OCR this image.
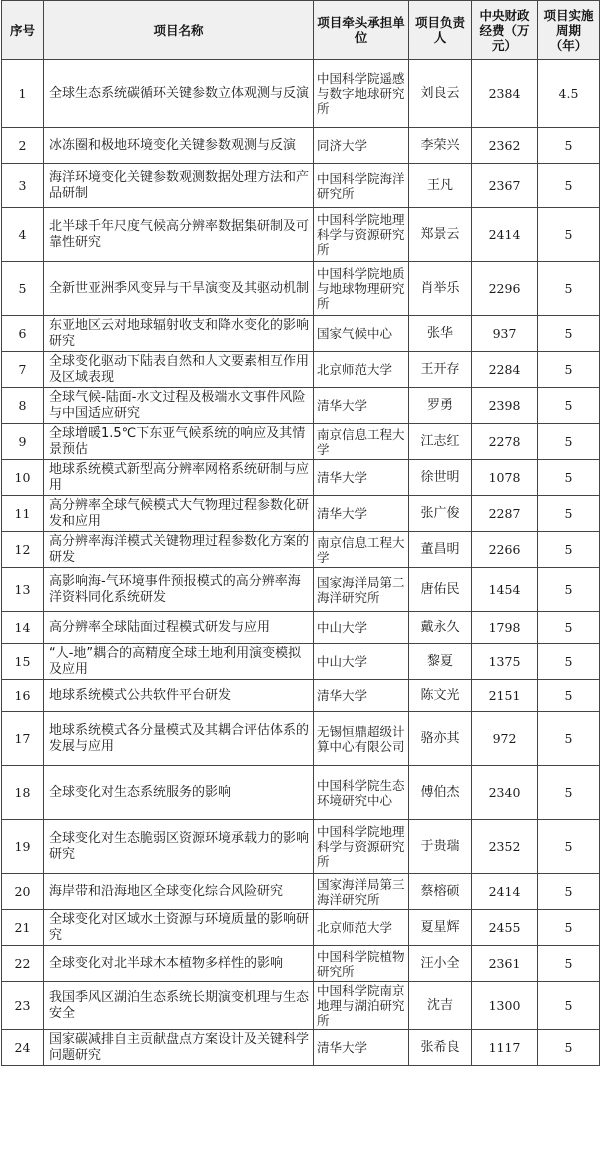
序号	项目名称	项目牵头承担单位	项目负责人	中央财政经费（万元）	项目实施周期（年）
1	全球生态系统碳循环关键参数立体观测与反演	中国科学院遥感与数字地球研究所	刘良云	2384	4.5
2	冰冻圈和极地环境变化关键参数观测与反演	同济大学	李荣兴	2362	5
3	海洋环境变化关键参数观测数据处理方法和产品研制	中国科学院海洋研究所	王凡	2367	5
4	北半球千年尺度气候高分辨率数据集研制及可靠性研究	中国科学院地理科学与资源研究所	郑景云	2414	5
5	全新世亚洲季风变异与干旱演变及其驱动机制	中国科学院地质与地球物理研究所	肖举乐	2296	5
6	东亚地区云对地球辐射收支和降水变化的影响研究	国家气候中心	张华	937	5
7	全球变化驱动下陆表自然和人文要素相互作用及区域表现	北京师范大学	王开存	2284	5
8	全球气候-陆面-水文过程及极端水文事件风险与中国适应研究	清华大学	罗勇	2398	5
9	全球增暖1.5℃下东亚气候系统的响应及其情景预估	南京信息工程大学	江志红	2278	5
10	地球系统模式新型高分辨率网格系统研制与应用	清华大学	徐世明	1078	5
11	高分辨率全球气候模式大气物理过程参数化研发和应用	清华大学	张广俊	2287	5
12	高分辨率海洋模式关键物理过程参数化方案的研发	南京信息工程大学	董昌明	2266	5
13	高影响海-气环境事件预报模式的高分辨率海洋资料同化系统研发	国家海洋局第二海洋研究所	唐佑民	1454	5
14	高分辨率全球陆面过程模式研发与应用	中山大学	戴永久	1798	5
15	“人-地”耦合的高精度全球土地利用演变模拟及应用	中山大学	黎夏	1375	5
16	地球系统模式公共软件平台研发	清华大学	陈文光	2151	5
17	地球系统模式各分量模式及其耦合评估体系的发展与应用	无锡恒鼎超级计算中心有限公司	骆亦其	972	5
18	全球变化对生态系统服务的影响	中国科学院生态环境研究中心	傅伯杰	2340	5
19	全球变化对生态脆弱区资源环境承载力的影响研究	中国科学院地理科学与资源研究所	于贵瑞	2352	5
20	海岸带和沿海地区全球变化综合风险研究	国家海洋局第三海洋研究所	蔡榕硕	2414	5
21	全球变化对区域水土资源与环境质量的影响研究	北京师范大学	夏星辉	2455	5
22	全球变化对北半球木本植物多样性的影响	中国科学院植物研究所	汪小全	2361	5
23	我国季风区湖泊生态系统长期演变机理与生态安全	中国科学院南京地理与湖泊研究所	沈吉	1300	5
24	国家碳减排自主贡献盘点方案设计及关键科学问题研究	清华大学	张希良	1117	5
